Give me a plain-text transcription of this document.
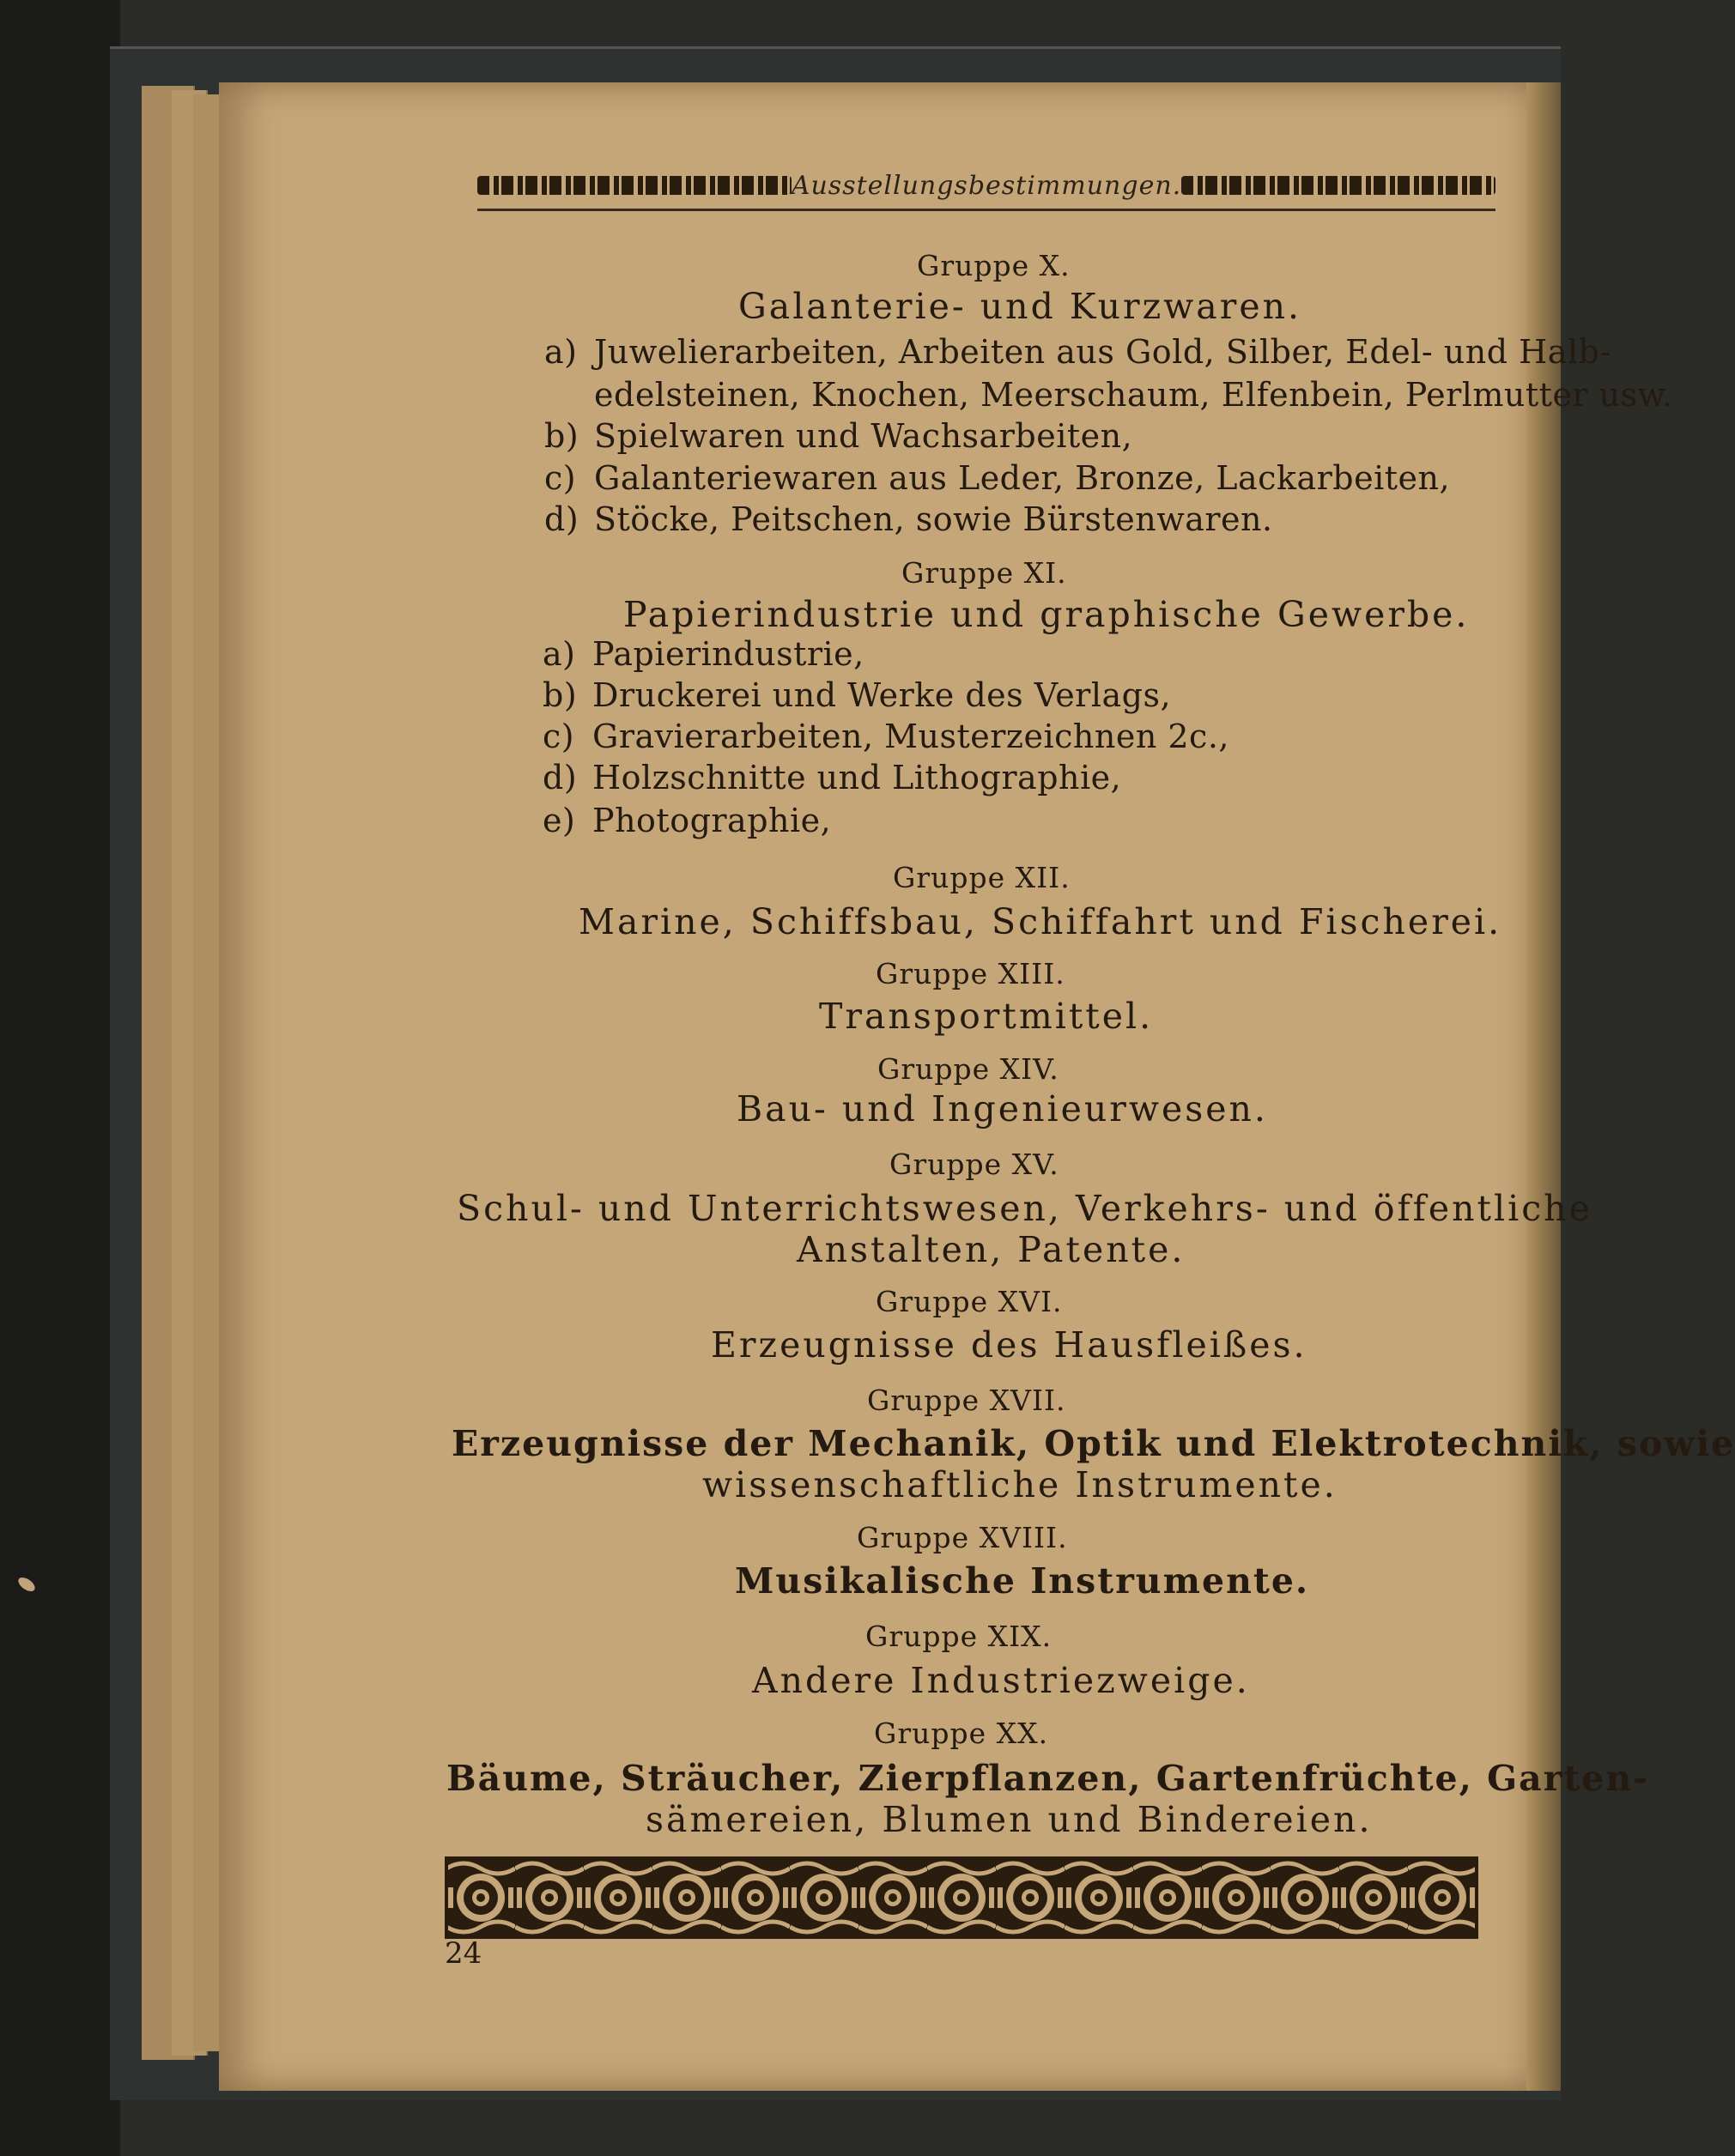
Ausstellungsbestimmungen.
Gruppe X.
Galanterie- und Kurzwaren.
a) Juwelierarbeiten, Arbeiten aus Gold, Silber, Edel- und Halb-
edelsteinen, Knochen, Meerschaum, Elfenbein, Perlmutter usw.
b) Spielwaren und Wachsarbeiten,
c) Galanteriewaren aus Leder, Bronze, Lackarbeiten,
d) Stöcke, Peitschen, sowie Bürstenwaren.
Gruppe XI.
Papierindustrie und graphische Gewerbe.
a) Papierindustrie,
b) Druckerei und Werke des Verlags,
c) Gravierarbeiten, Musterzeichnen 2c.,
d) Holzschnitte und Lithographie,
e) Photographie,
Gruppe XII.
Marine, Schiffsbau, Schiffahrt und Fischerei.
Gruppe XIII.
Transportmittel.
Gruppe XIV.
Bau- und Ingenieurwesen.
Gruppe XV.
Schul- und Unterrichtswesen, Verkehrs- und öffentliche
Anstalten, Patente.
Gruppe XVI.
Erzeugnisse des Hausfleißes.
Gruppe XVII.
Erzeugnisse der Mechanik, Optik und Elektrotechnik, sowie
wissenschaftliche Instrumente.
Gruppe XVIII.
Musikalische Instrumente.
Gruppe XIX.
Andere Industriezweige.
Gruppe XX.
Bäume, Sträucher, Zierpflanzen, Gartenfrüchte, Garten-
sämereien, Blumen und Bindereien.
24
